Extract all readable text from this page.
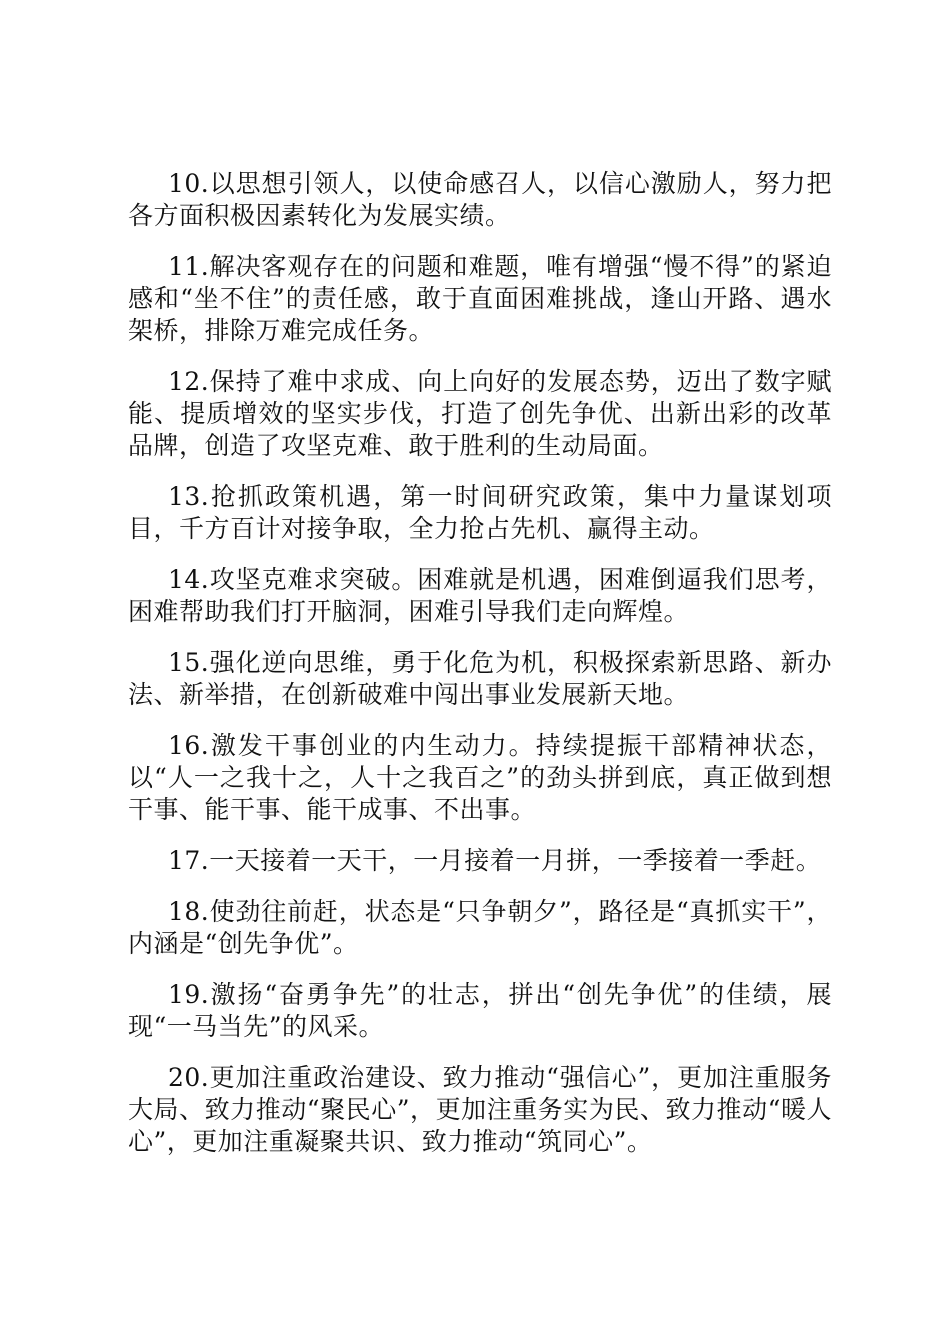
10.以思想引领人，以使命感召人，以信心激励人，努力把各方面积极因素转化为发展实绩。

11.解决客观存在的问题和难题，唯有增强“慢不得”的紧迫感和“坐不住”的责任感，敢于直面困难挑战，逢山开路、遇水架桥，排除万难完成任务。

12.保持了难中求成、向上向好的发展态势，迈出了数字赋能、提质增效的坚实步伐，打造了创先争优、出新出彩的改革品牌，创造了攻坚克难、敢于胜利的生动局面。

13.抢抓政策机遇，第一时间研究政策，集中力量谋划项目，千方百计对接争取，全力抢占先机、赢得主动。

14.攻坚克难求突破。困难就是机遇，困难倒逼我们思考，困难帮助我们打开脑洞，困难引导我们走向辉煌。

15.强化逆向思维，勇于化危为机，积极探索新思路、新办法、新举措，在创新破难中闯出事业发展新天地。

16.激发干事创业的内生动力。持续提振干部精神状态，以“人一之我十之，人十之我百之”的劲头拼到底，真正做到想干事、能干事、能干成事、不出事。

17.一天接着一天干，一月接着一月拼，一季接着一季赶。

18.使劲往前赶，状态是“只争朝夕”，路径是“真抓实干”，内涵是“创先争优”。

19.激扬“奋勇争先”的壮志，拼出“创先争优”的佳绩，展现“一马当先”的风采。

20.更加注重政治建设、致力推动“强信心”，更加注重服务大局、致力推动“聚民心”，更加注重务实为民、致力推动“暖人心”，更加注重凝聚共识、致力推动“筑同心”。
